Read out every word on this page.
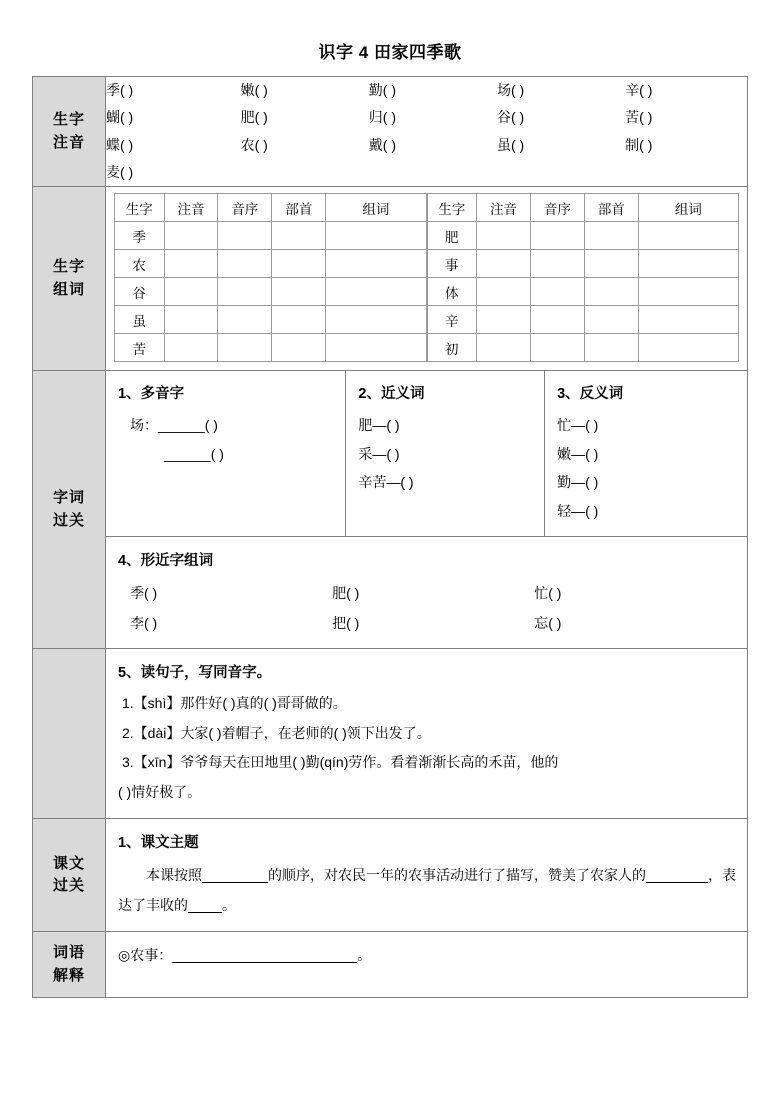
识字 4 田家四季歌
生字
注音

季( )	嫩( )	勤( )	场( )	辛( )
蝴( )	肥( )	归( )	谷( )	苦( )
蝶( )	农( )	戴( )	虽( )	制( )
麦( )				

生字
组词

生字	注音	音序	部首	组词
季				
农				
谷				
虽				
苦				
生字	注音	音序	部首	组词
肥				
事				
体				
辛				
初				

字词
过关

1、多音字
场：______( )
______( )
2、近义词
肥—( )
采—( )
辛苦—( )
3、反义词
忙—( )
嫩—( )
勤—( )
轻—( )

4、形近字组词
季( )	肥( )	忙( )
李( )	把( )	忘( )

5、读句子，写同音字。
1.【shì】那件好( )真的( )哥哥做的。
2.【dài】大家( )着帽子，在老师的( )领下出发了。
3.【xīn】爷爷每天在田地里( )勤(qín)劳作。看着渐渐长高的禾苗，他的
( )情好极了。

课文
过关

1、课文主题
本课按照	的顺序，对农民一年的农事活动进行了描写，赞美了农家人的	，表达了丰收的 。

词语
解释

◎农事：	。
